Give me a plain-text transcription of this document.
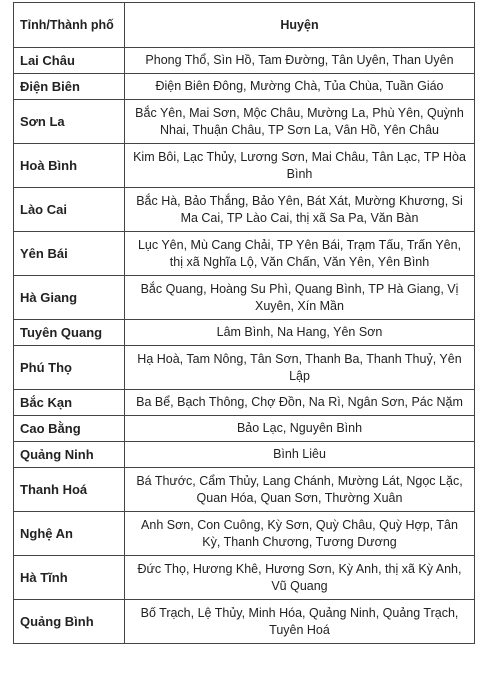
Tỉnh/Thành phố	Huyện
Lai Châu	Phong Thổ, Sìn Hồ, Tam Đường, Tân Uyên, Than Uyên
Điện Biên	Điện Biên Đông, Mường Chà, Tủa Chùa, Tuần Giáo
Sơn La	Bắc Yên, Mai Sơn, Mộc Châu, Mường La, Phù Yên, Quỳnh Nhai, Thuận Châu, TP Sơn La, Vân Hồ, Yên Châu
Hoà Bình	Kim Bôi, Lạc Thủy, Lương Sơn, Mai Châu, Tân Lạc, TP Hòa Bình
Lào Cai	Bắc Hà, Bảo Thắng, Bảo Yên, Bát Xát, Mường Khương, Si Ma Cai, TP Lào Cai, thị xã Sa Pa, Văn Bàn
Yên Bái	Lục Yên, Mù Cang Chải, TP Yên Bái, Trạm Tấu, Trấn Yên, thị xã Nghĩa Lộ, Văn Chấn, Văn Yên, Yên Bình
Hà Giang	Bắc Quang, Hoàng Su Phì, Quang Bình, TP Hà Giang, Vị Xuyên, Xín Mần
Tuyên Quang	Lâm Bình, Na Hang, Yên Sơn
Phú Thọ	Hạ Hoà, Tam Nông, Tân Sơn, Thanh Ba, Thanh Thuỷ, Yên Lập
Bắc Kạn	Ba Bể, Bạch Thông, Chợ Đồn, Na Rì, Ngân Sơn, Pác Nặm
Cao Bằng	Bảo Lạc, Nguyên Bình
Quảng Ninh	Bình Liêu
Thanh Hoá	Bá Thước, Cẩm Thủy, Lang Chánh, Mường Lát, Ngọc Lặc, Quan Hóa, Quan Sơn, Thường Xuân
Nghệ An	Anh Sơn, Con Cuông, Kỳ Sơn, Quỳ Châu, Quỳ Hợp, Tân Kỳ, Thanh Chương, Tương Dương
Hà Tĩnh	Đức Thọ, Hương Khê, Hương Sơn, Kỳ Anh, thị xã Kỳ Anh, Vũ Quang
Quảng Bình	Bố Trạch, Lệ Thủy, Minh Hóa, Quảng Ninh, Quảng Trạch, Tuyên Hoá
